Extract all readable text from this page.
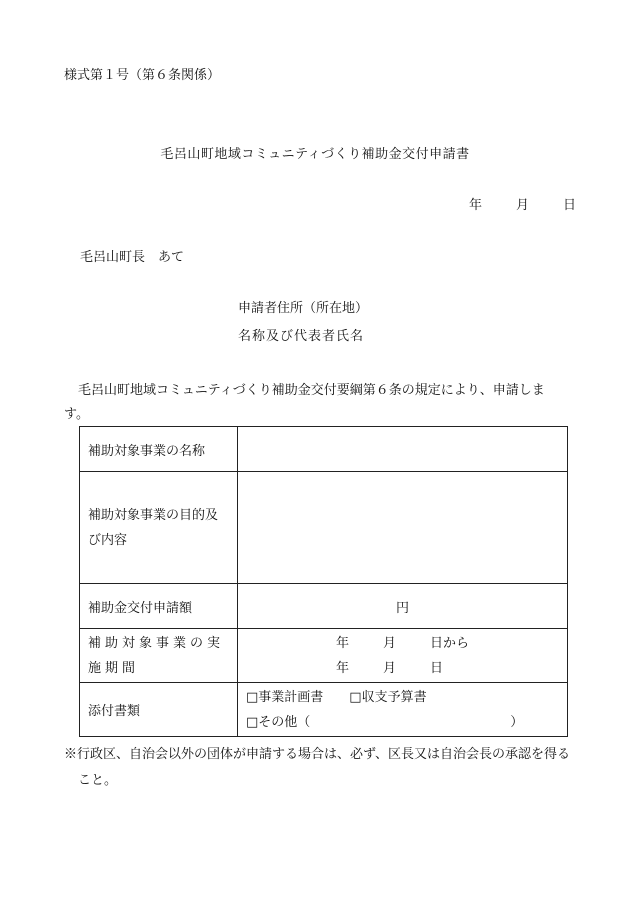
様式第１号（第６条関係）
毛呂山町地域コミュニティづくり補助金交付申請書
年	月	日
毛呂山町長　あて
申請者住所（所在地）
名称及び代表者氏名
毛呂山町地域コミュニティづくり補助金交付要綱第６条の規定により、申請します。
補助対象事業の名称	
補助対象事業の目的及び内容	
補助金交付申請額	円
補助対象事業の実施期間	年 月 日から
年 月 日

添付書類	□事業計画書 □収支予算書
□その他（ ）
※行政区、自治会以外の団体が申請する場合は、必ず、区長又は自治会長の承認を得ること。
